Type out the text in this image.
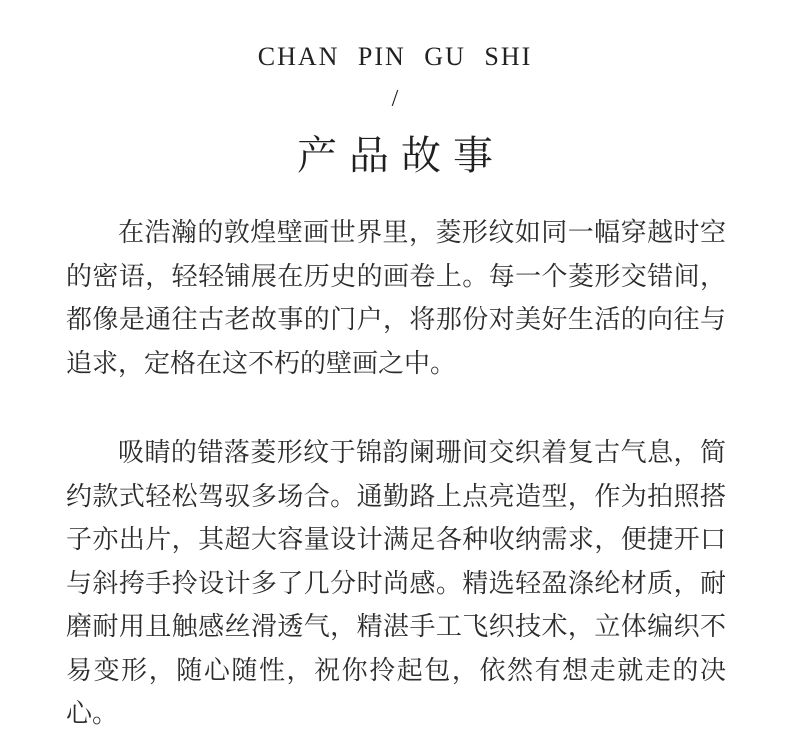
CHAN PIN GU SHI
/
产品故事

在浩瀚的敦煌壁画世界里，菱形纹如同一幅穿越时空的密语，轻轻铺展在历史的画卷上。每一个菱形交错间，都像是通往古老故事的门户，将那份对美好生活的向往与追求，定格在这不朽的壁画之中。

吸睛的错落菱形纹于锦韵阑珊间交织着复古气息，简约款式轻松驾驭多场合。通勤路上点亮造型，作为拍照搭子亦出片，其超大容量设计满足各种收纳需求，便捷开口与斜挎手拎设计多了几分时尚感。精选轻盈涤纶材质，耐磨耐用且触感丝滑透气，精湛手工飞织技术，立体编织不易变形，随心随性，祝你拎起包，依然有想走就走的决心。
